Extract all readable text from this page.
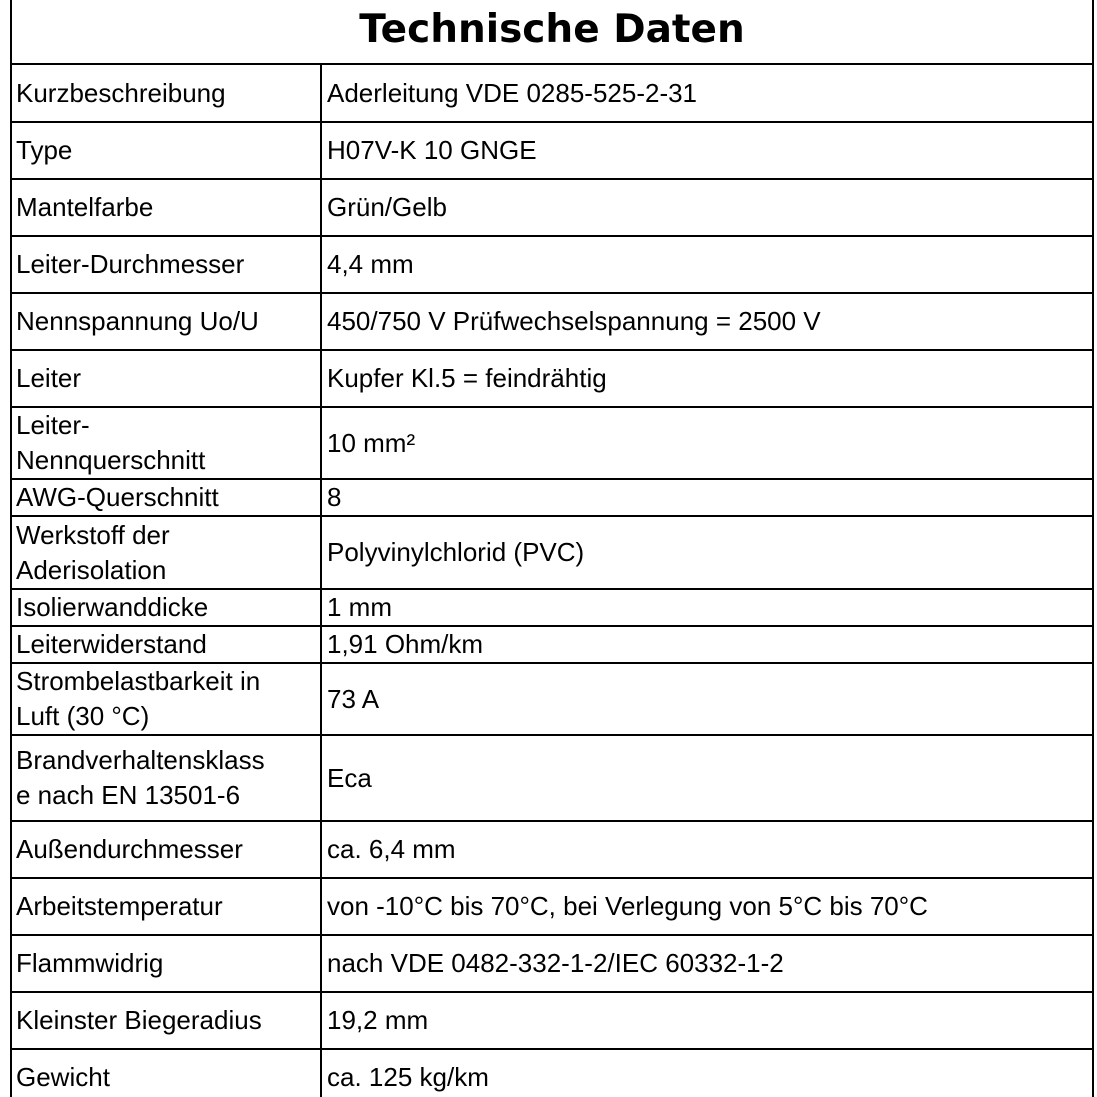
Technische Daten
Kurzbeschreibung	Aderleitung VDE 0285-525-2-31
Type	H07V-K 10 GNGE
Mantelfarbe	Grün/Gelb
Leiter-Durchmesser	4,4 mm
Nennspannung Uo/U	450/750 V Prüfwechselspannung = 2500 V
Leiter	Kupfer Kl.5 = feindrähtig
Leiter-
Nennquerschnitt	10 mm²
AWG-Querschnitt	8
Werkstoff der
Aderisolation	Polyvinylchlorid (PVC)
Isolierwanddicke	1 mm
Leiterwiderstand	1,91 Ohm/km
Strombelastbarkeit in
Luft (30 °C)	73 A
Brandverhaltensklass
e nach EN 13501-6	Eca
Außendurchmesser	ca. 6,4 mm
Arbeitstemperatur	von -10°C bis 70°C, bei Verlegung von 5°C bis 70°C
Flammwidrig	nach VDE 0482-332-1-2/IEC 60332-1-2
Kleinster Biegeradius	19,2 mm
Gewicht	ca. 125 kg/km
